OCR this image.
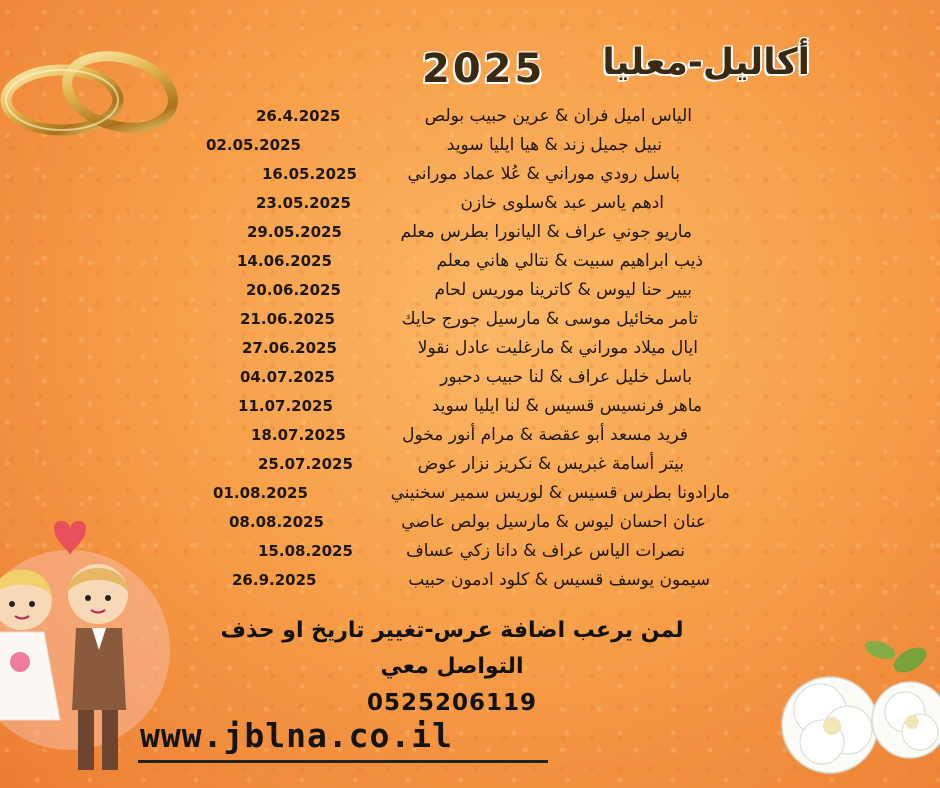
2025 أكاليل-معليا
26.4.2025	الياس اميل فران & عرين حبيب بولص
02.05.2025	نبيل جميل زند & هيا ايليا سويد
16.05.2025	باسل رودي موراني & عُلا عماد موراني
23.05.2025	ادهم ياسر عبد &سلوى خازن
29.05.2025	ماريو جوني عراف & اليانورا بطرس معلم
14.06.2025	ذيب ابراهيم سبيت & نتالي هاني معلم
20.06.2025	بيير حنا ليوس & كاترينا موريس لحام
21.06.2025	تامر مخائيل موسى & مارسيل جورج حايك
27.06.2025	ايال ميلاد موراني & مارغليت عادل نقولا
04.07.2025	باسل خليل عراف & لنا حبيب دحبور
11.07.2025	ماهر فرنسيس قسيس & لنا ايليا سويد
18.07.2025	فريد مسعد أبو عقصة & مرام أنور مخول
25.07.2025	بيتر أسامة غبريس & نكريز نزار عوض
01.08.2025	مارادونا بطرس قسيس & لوريس سمير سخنيني
08.08.2025	عنان احسان ليوس & مارسيل بولص عاصي
15.08.2025	نصرات الياس عراف & دانا زكي عساف
26.9.2025	سيمون يوسف قسيس & كلود ادمون حبيب
لمن يرعب اضافة عرس-تغيير تاريخ او حذف
التواصل معي
0525206119
www.jblna.co.il
